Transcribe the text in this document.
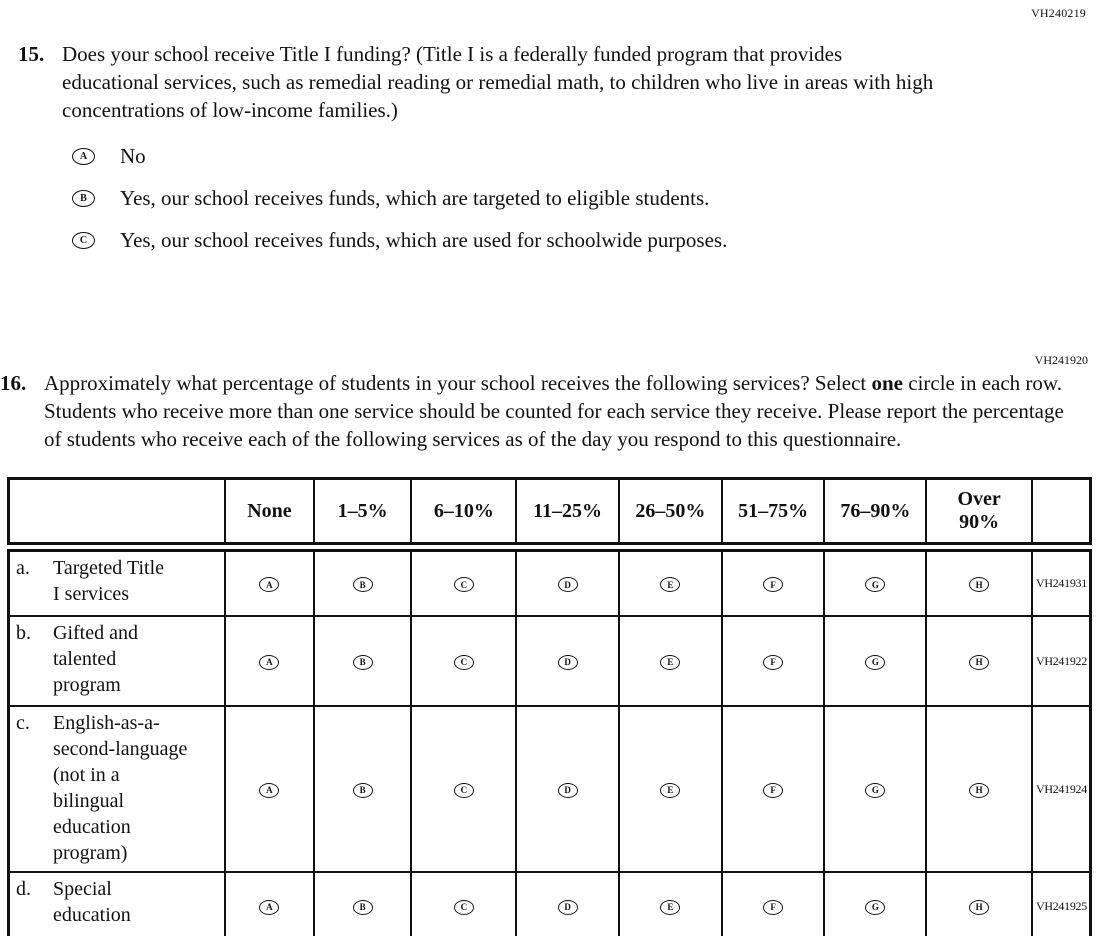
VH240219
15. Does your school receive Title I funding? (Title I is a federally funded program that provides educational services, such as remedial reading or remedial math, to children who live in areas with high concentrations of low-income families.)
A	No
B	Yes, our school receives funds, which are targeted to eligible students.
C	Yes, our school receives funds, which are used for schoolwide purposes.
VH241920
16. Approximately what percentage of students in your school receives the following services? Select one circle in each row. Students who receive more than one service should be counted for each service they receive. Please report the percentage of students who receive each of the following services as of the day you respond to this questionnaire.
	None	1–5%	6–10%	11–25%	26–50%	51–75%	76–90%	Over
90%	

a. Targeted Title
I services	A	B	C	D	E	F	G	H	VH241931

b. Gifted and
talented
program	A	B	C	D	E	F	G	H	VH241922

c.	English-as-a-
second-language
(not in a
bilingual
education
program)
	A	B	C	D	E	F	G	H	VH241924

d. Special
education	A	B	C	D	E	F	G	H	VH241925
